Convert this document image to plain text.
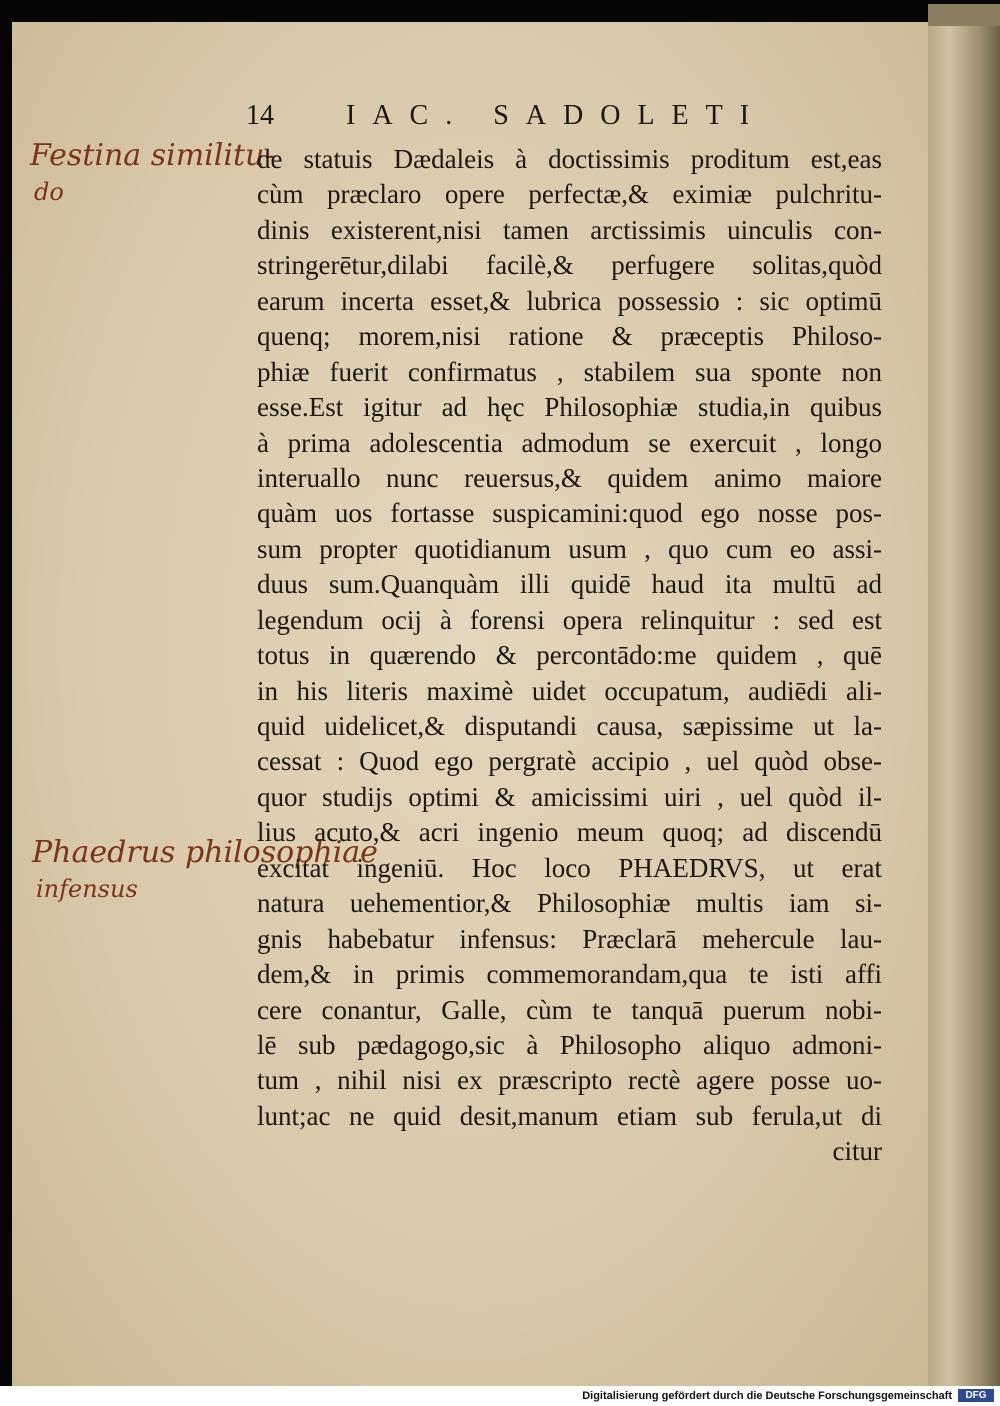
14	IAC. SADOLETI
Festina similitu-
do
Phaedrus philosophiae
infensus
de statuis Dædaleis à doctissimis proditum est,eas
cùm præclaro opere perfectæ,& eximiæ pulchritu-
dinis existerent,nisi tamen arctissimis uinculis con-
stringerētur,dilabi facilè,& perfugere solitas,quòd
earum incerta esset,& lubrica possessio : sic optimū
quenq; morem,nisi ratione & præceptis Philoso-
phiæ fuerit confirmatus , stabilem sua sponte non
esse.Est igitur ad hęc Philosophiæ studia,in quibus
à prima adolescentia admodum se exercuit , longo
interuallo nunc reuersus,& quidem animo maiore
quàm uos fortasse suspicamini:quod ego nosse pos-
sum propter quotidianum usum , quo cum eo assi-
duus sum.Quanquàm illi quidē haud ita multū ad
legendum ocij à forensi opera relinquitur : sed est
totus in quærendo & percontādo:me quidem , quē
in his literis maximè uidet occupatum, audiēdi ali-
quid uidelicet,& disputandi causa, sæpissime ut la-
cessat : Quod ego pergratè accipio , uel quòd obse-
quor studijs optimi & amicissimi uiri , uel quòd il-
lius acuto,& acri ingenio meum quoq; ad discendū
excitat ingeniū. Hoc loco PHAEDRVS, ut erat
natura uehementior,& Philosophiæ multis iam si-
gnis habebatur infensus: Præclarā mehercule lau-
dem,& in primis commemorandam,qua te isti affi
cere conantur, Galle, cùm te tanquā puerum nobi-
lē sub pædagogo,sic à Philosopho aliquo admoni-
tum , nihil nisi ex præscripto rectè agere posse uo-
lunt;ac ne quid desit,manum etiam sub ferula,ut di
citur
Digitalisierung gefördert durch die Deutsche Forschungsgemeinschaft	DFG
